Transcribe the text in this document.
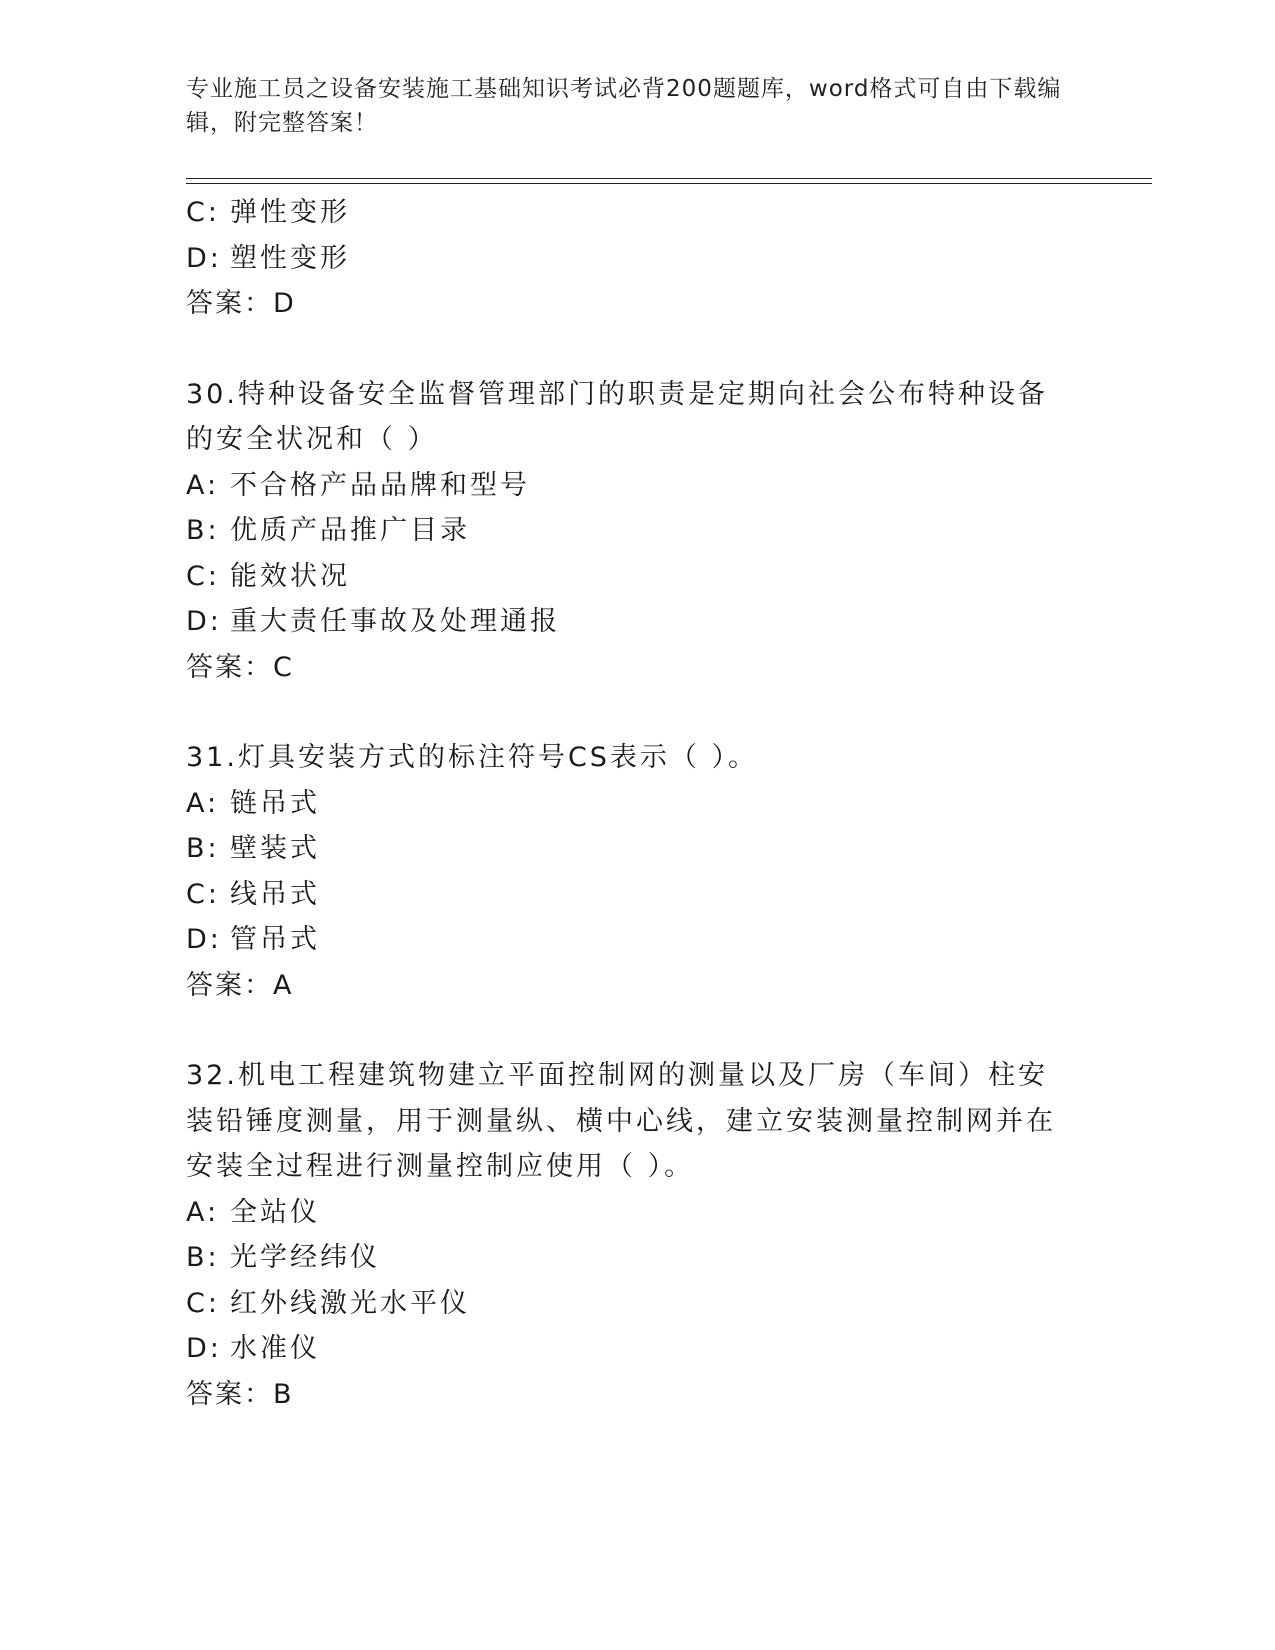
专业施工员之设备安装施工基础知识考试必背200题题库，word格式可自由下载编辑，附完整答案！
C: 弹性变形
D: 塑性变形
答案：D
30.特种设备安全监督管理部门的职责是定期向社会公布特种设备的安全状况和（ ）
A: 不合格产品品牌和型号
B: 优质产品推广目录
C: 能效状况
D: 重大责任事故及处理通报
答案：C
31.灯具安装方式的标注符号CS表示（ ）。
A: 链吊式
B: 壁装式
C: 线吊式
D: 管吊式
答案：A
32.机电工程建筑物建立平面控制网的测量以及厂房（车间）柱安装铅锤度测量，用于测量纵、横中心线，建立安装测量控制网并在安装全过程进行测量控制应使用（ ）。
A: 全站仪
B: 光学经纬仪
C: 红外线激光水平仪
D: 水准仪
答案：B
